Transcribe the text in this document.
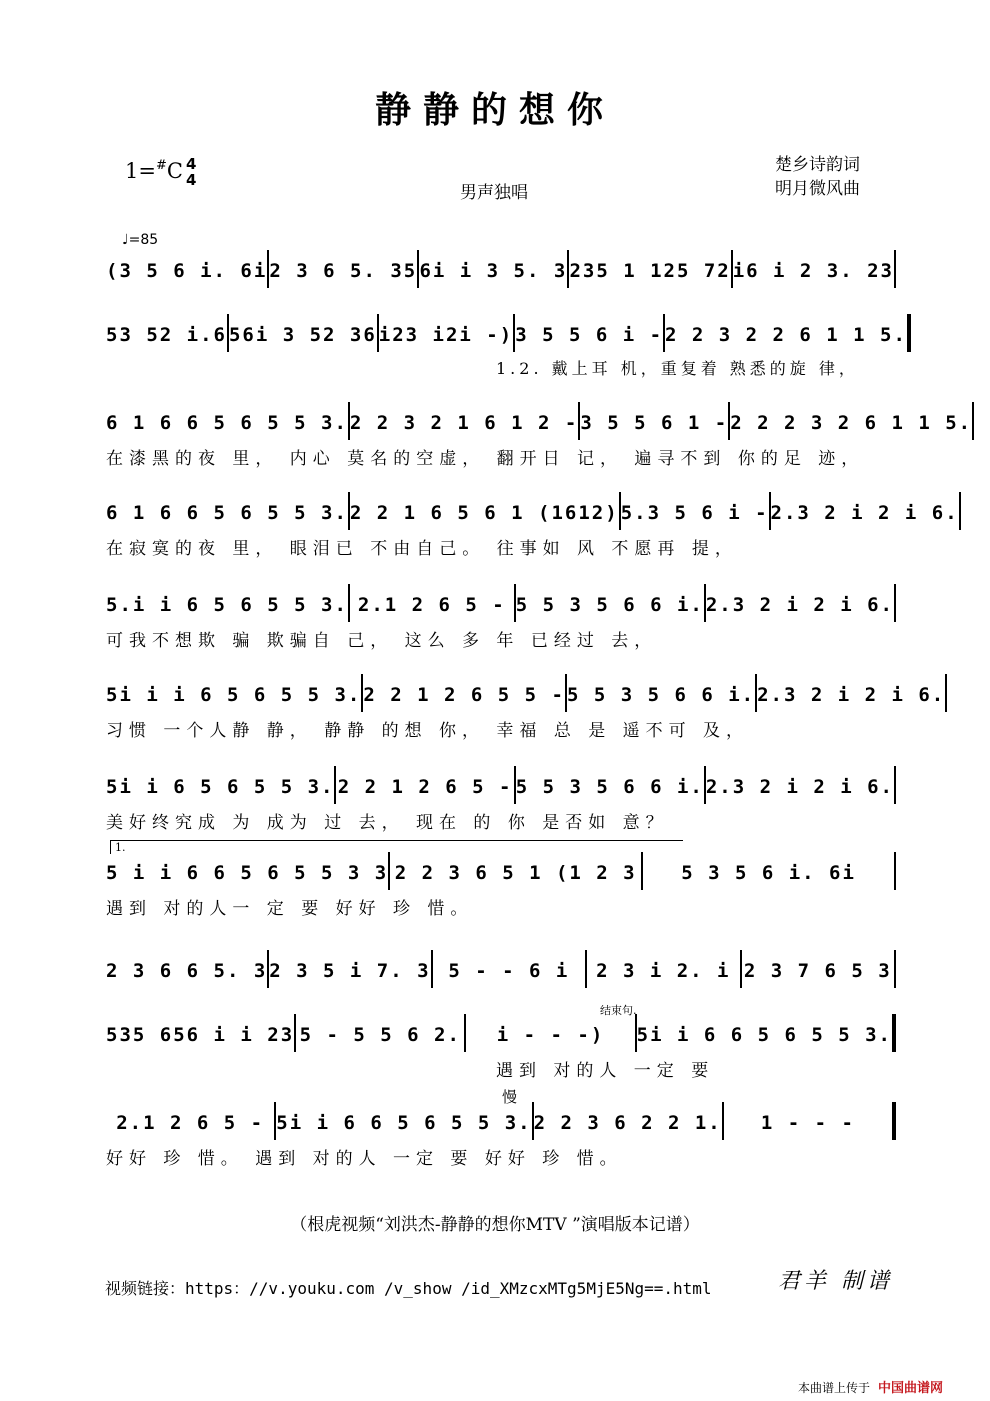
静静的想你
1=#C 4
4
男声独唱
楚乡诗韵词
明月微风曲
♩=85
(3 5 6 i. 6i 2 3 6 5. 35 6i i 3 5. 3 235 1 125 72 i6 i 2 3. 23
53 52 i.6 56i 3 52 36 i23 i2i -) 3 5 5 6 i - 2 2 3 2 2 6 1 1 5.
1.2. 戴上耳 机，重复着 熟悉的旋 律，
6 1 6 6 5 6 5 5 3. 2 2 3 2 1 6 1 2 - 3 5 5 6 1 - 2 2 2 3 2 6 1 1 5.
在漆黑的夜 里， 内心 莫名的空虚， 翻开日 记， 遍寻不到 你的足 迹，
6 1 6 6 5 6 5 5 3. 2 2 1 6 5 6 1 (1612) 5.3 5 6 i - 2.3 2 i 2 i 6.
在寂寞的夜 里， 眼泪已 不由自己。 往事如 风 不愿再 提，
5.i i 6 5 6 5 5 3. 2.1 2 6 5 - 5 5 3 5 6 6 i. 2.3 2 i 2 i 6.
可我不想欺 骗 欺骗自 己， 这么 多 年 已经过 去，
5i i i 6 5 6 5 5 3. 2 2 1 2 6 5 5 - 5 5 3 5 6 6 i. 2.3 2 i 2 i 6.
习惯 一个人静 静， 静静 的想 你， 幸福 总 是 遥不可 及，
5i i 6 5 6 5 5 3. 2 2 1 2 6 5 - 5 5 3 5 6 6 i. 2.3 2 i 2 i 6.
美好终究成 为 成为 过 去， 现在 的 你 是否如 意？
5 i i 6 6 5 6 5 5 3 3 2 2 3 6 5 1 (1 2 3	5 3 5 6 i. 6i
遇到 对的人一 定 要 好好 珍 惜。
1.
2 3 6 6 5. 3 2 3 5 i 7. 3 5 - - 6 i	2 3 i 2. i 2 3 7 6 5 3
535 656 i i 23 5 - 5 5 6 2.	i - - -)	5i i 6 6 5 6 5 5 3.
遇到 对的人 一定 要
结束句.
2.1 2 6 5 - 5i i 6 6 5 6 5 5 3. 2 2 3 6 2 2 1.	1 - - -
好好 珍 惜。 遇到 对的人 一定 要 好好 珍 惜。
慢
（根虎视频“刘洪杰-静静的想你MTV ”演唱版本记谱）
视频链接：https：//v.youku.com /v_show /id_XMzcxMTg5MjE5Ng==.html	君羊 制谱
本曲谱上传于 中国曲谱网
